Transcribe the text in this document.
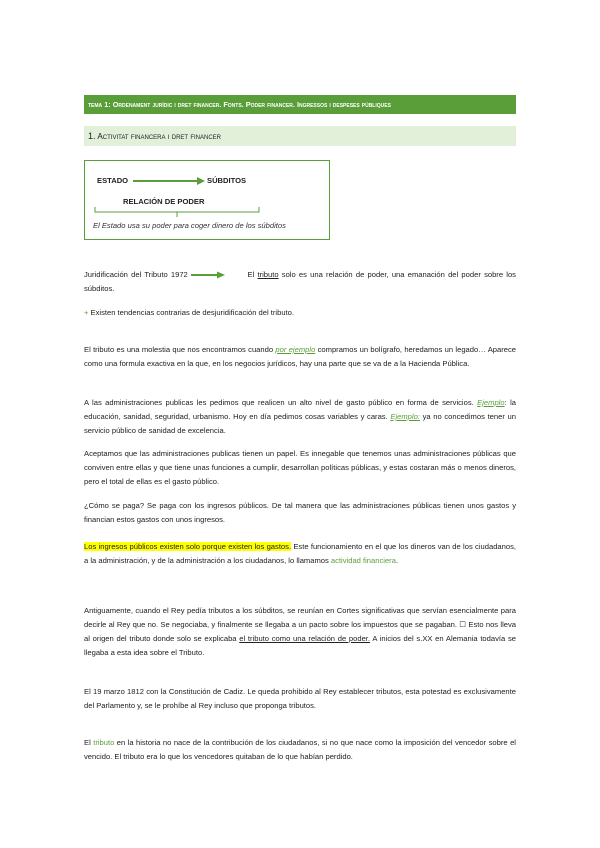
tema 1: Ordenament jurídic i dret financer. Fonts. Poder financer. Ingressos i despeses públiques
1. Activitat financera i dret financer
ESTADO	SÚBDITOS
RELACIÓN DE PODER
El Estado usa su poder para coger dinero de los súbditos

Juridificación del Tributo 1972	El tributo solo es una relación de poder, una emanación del poder sobre los súbditos.

+ Existen tendencias contrarias de desjuridificación del tributo.

El tributo es una molestia que nos encontramos cuando por ejemplo compramos un bolígrafo, heredamos un legado… Aparece como una formula exactiva en la que, en los negocios jurídicos, hay una parte que se va de a la Hacienda Pública.

A las administraciones publicas les pedimos que realicen un alto nivel de gasto público en forma de servicios. Ejemplo: la educación, sanidad, seguridad, urbanismo. Hoy en día pedimos cosas variables y caras. Ejemplo: ya no concedimos tener un servicio público de sanidad de excelencia.

Aceptamos que las administraciones publicas tienen un papel. Es innegable que tenemos unas administraciones públicas que conviven entre ellas y que tiene unas funciones a cumplir, desarrollan políticas públicas, y estas costaran más o menos dineros, pero el total de ellas es el gasto público.

¿Cómo se paga? Se paga con los ingresos públicos. De tal manera que las administraciones públicas tienen unos gastos y financian estos gastos con unos ingresos.

Los ingresos públicos existen solo porque existen los gastos. Este funcionamiento en el que los dineros van de los ciudadanos, a la administración, y de la administración a los ciudadanos, lo llamamos actividad financiera.

Antiguamente, cuando el Rey pedía tributos a los súbditos, se reunían en Cortes significativas que servían esencialmente para decirle al Rey que no. Se negociaba, y finalmente se llegaba a un pacto sobre los impuestos que se pagaban. ☐ Esto nos lleva al origen del tributo donde solo se explicaba el tributo como una relación de poder. A inicios del s.XX en Alemania todavía se llegaba a esta idea sobre el Tributo.

El 19 marzo 1812 con la Constitución de Cadiz. Le queda prohibido al Rey establecer tributos, esta potestad es exclusivamente del Parlamento y, se le prohíbe al Rey incluso que proponga tributos.

El tributo en la historia no nace de la contribución de los ciudadanos, si no que nace como la imposición del vencedor sobre el vencido. El tributo era lo que los vencedores quitaban de lo que habían perdido.
